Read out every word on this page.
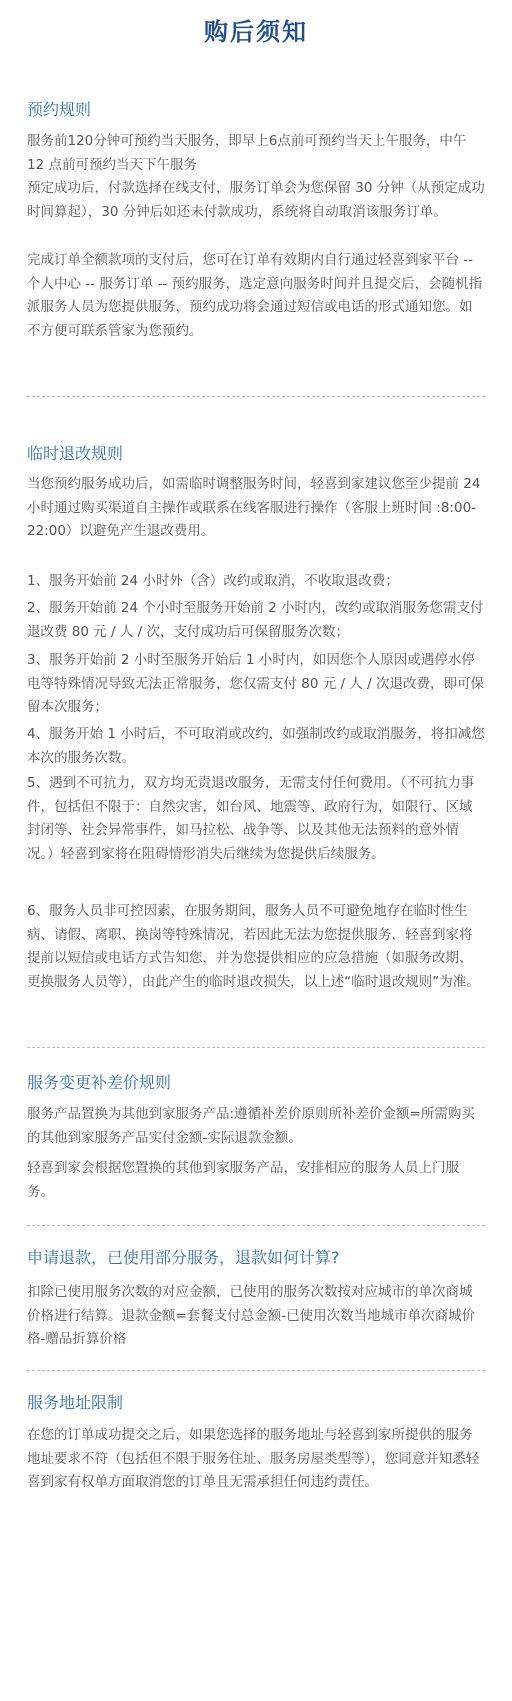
购后须知
预约规则

服务前120分钟可预约当天服务，即早上6点前可预约当天上午服务，中午 12 点前可预约当天下午服务

预定成功后，付款选择在线支付，服务订单会为您保留 30 分钟（从预定成功时间算起），30 分钟后如还未付款成功，系统将自动取消该服务订单。

完成订单全额款项的支付后，您可在订单有效期内自行通过轻喜到家平台 -- 个人中心 -- 服务订单 -- 预约服务，选定意向服务时间并且提交后，会随机指派服务人员为您提供服务，预约成功将会通过短信或电话的形式通知您。如不方便可联系管家为您预约。

临时退改规则

当您预约服务成功后，如需临时调整服务时间，轻喜到家建议您至少提前 24 小时通过购买渠道自主操作或联系在线客服进行操作（客服上班时间 :8:00-22:00）以避免产生退改费用。

1、服务开始前 24 小时外（含）改约或取消，不收取退改费；

2、服务开始前 24 个小时至服务开始前 2 小时内，改约或取消服务您需支付退改费 80 元 / 人 / 次，支付成功后可保留服务次数；

3、服务开始前 2 小时至服务开始后 1 小时内，如因您个人原因或遇停水停电等特殊情况导致无法正常服务，您仅需支付 80 元 / 人 / 次退改费，即可保留本次服务；

4、服务开始 1 小时后，不可取消或改约，如强制改约或取消服务，将扣减您本次的服务次数。

5、遇到不可抗力，双方均无责退改服务，无需支付任何费用。（不可抗力事件，包括但不限于：自然灾害，如台风、地震等、政府行为，如限行、区域封闭等、社会异常事件，如马拉松、战争等、以及其他无法预料的意外情况。）轻喜到家将在阻碍情形消失后继续为您提供后续服务。

6、服务人员非可控因素，在服务期间，服务人员不可避免地存在临时性生病、请假、离职、换岗等特殊情况，若因此无法为您提供服务，轻喜到家将提前以短信或电话方式告知您，并为您提供相应的应急措施（如服务改期、更换服务人员等），由此产生的临时退改损失，以上述“临时退改规则”为准。

服务变更补差价规则

服务产品置换为其他到家服务产品:遵循补差价原则所补差价金额=所需购买的其他到家服务产品实付金额-实际退款金额。

轻喜到家会根据您置换的其他到家服务产品，安排相应的服务人员上门服务。

申请退款，已使用部分服务，退款如何计算?

扣除已使用服务次数的对应金额，已使用的服务次数按对应城市的单次商城价格进行结算。退款金额=套餐支付总金额-已使用次数当地城市单次商城价格-赠品折算价格

服务地址限制

在您的订单成功提交之后，如果您选择的服务地址与轻喜到家所提供的服务地址要求不符（包括但不限于服务住址、服务房屋类型等），您同意并知悉轻喜到家有权单方面取消您的订单且无需承担任何违约责任。
